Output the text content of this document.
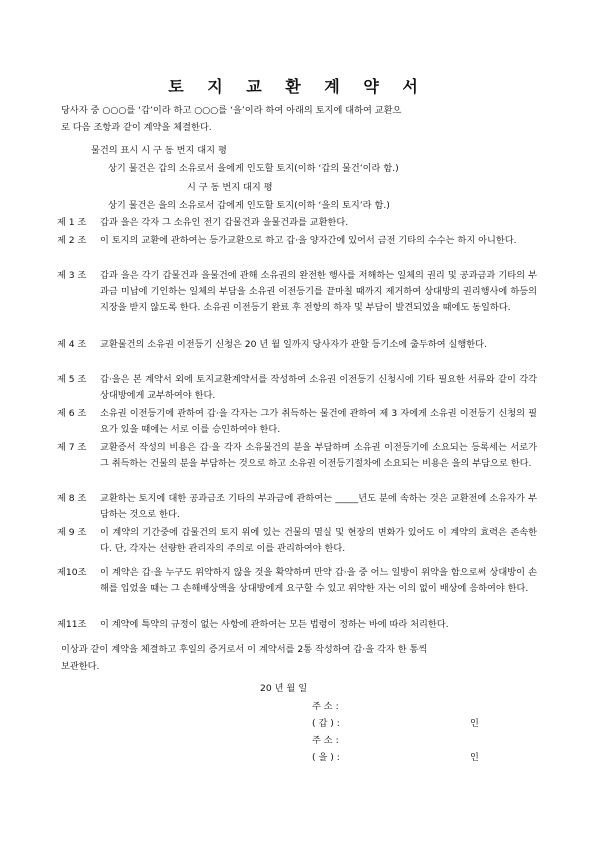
토 지 교 환 계 약 서
당사자 중 ○○○를 ‘갑’이라 하고 ○○○를 ‘을’이라 하여 아래의 토지에 대하여 교환으
로 다음 조항과 같이 계약을 체결한다.
물건의 표시 시 구 동 번지 대지 평
상기 물건은 갑의 소유로서 을에게 인도할 토지(이하 ‘갑의 물건’이라 함.)
시 구 동 번지 대지 평
상기 물건은 을의 소유로서 갑에게 인도할 토지(이하 ‘을의 토지’라 함.)
제 1 조	갑과 을은 각자 그 소유인 전기 갑물건과 을물건과를 교환한다.
제 2 조	이 토지의 교환에 관하여는 등가교환으로 하고 갑·을 양자간에 있어서 금전 기타의 수수는 하지 아니한다.
제 3 조	갑과 을은 각기 갑물건과 을물건에 관해 소유권의 완전한 행사를 저해하는 일체의 권리 및 공과금과 기타의 부과금 미납에 기인하는 일체의 부담을 소유권 이전등기를 끝마칠 때까지 제거하여 상대방의 권리행사에 하등의 지장을 받지 않도록 한다. 소유권 이전등기 완료 후 전항의 하자 및 부담이 발견되었을 때에도 동일하다.
제 4 조	교환물건의 소유권 이전등기 신청은 20 년 월 일까지 당사자가 관할 등기소에 출두하여 실행한다.
제 5 조	갑·을은 본 계약서 외에 토지교환계약서를 작성하여 소유권 이전등기 신청시에 기타 필요한 서류와 같이 각각 상대방에게 교부하여야 한다.
제 6 조	소유권 이전등기에 관하여 갑·을 각자는 그가 취득하는 물건에 관하여 제 3 자에게 소유권 이전등기 신청의 필요가 있을 때에는 서로 이를 승인하여야 한다.
제 7 조	교환증서 작성의 비용은 갑·을 각자 소유물건의 분을 부담하며 소유권 이전등기에 소요되는 등록세는 서로가 그 취득하는 건물의 분을 부담하는 것으로 하고 소유권 이전등기절차에 소요되는 비용은 을의 부담으로 한다.
제 8 조	교환하는 토지에 대한 공과금조 기타의 부과금에 관하여는 _____년도 분에 속하는 것은 교환전에 소유자가 부담하는 것으로 한다.
제 9 조	이 계약의 기간중에 갑물건의 토지 위에 있는 건물의 멸실 및 현장의 변화가 있어도 이 계약의 효력은 존속한다. 단, 각자는 선량한 관리자의 주의로 이를 관리하여야 한다.
제10조	이 계약은 갑·을 누구도 위약하지 않을 것을 확약하며 만약 갑·을 중 어느 일방이 위약을 함으로써 상대방이 손해를 입었을 때는 그 손해배상액을 상대방에게 요구할 수 있고 위약한 자는 이의 없이 배상에 응하여야 한다.
제11조	이 계약에 특약의 규정이 없는 사항에 관하여는 모든 법령이 정하는 바에 따라 처리한다.
이상과 같이 계약을 체결하고 후일의 증거로서 이 계약서를 2통 작성하여 갑·을 각자 한 통씩
보관한다.
20 년 월 일
주 소 :
( 갑 ) :	인
주 소 :
( 을 ) :	인
